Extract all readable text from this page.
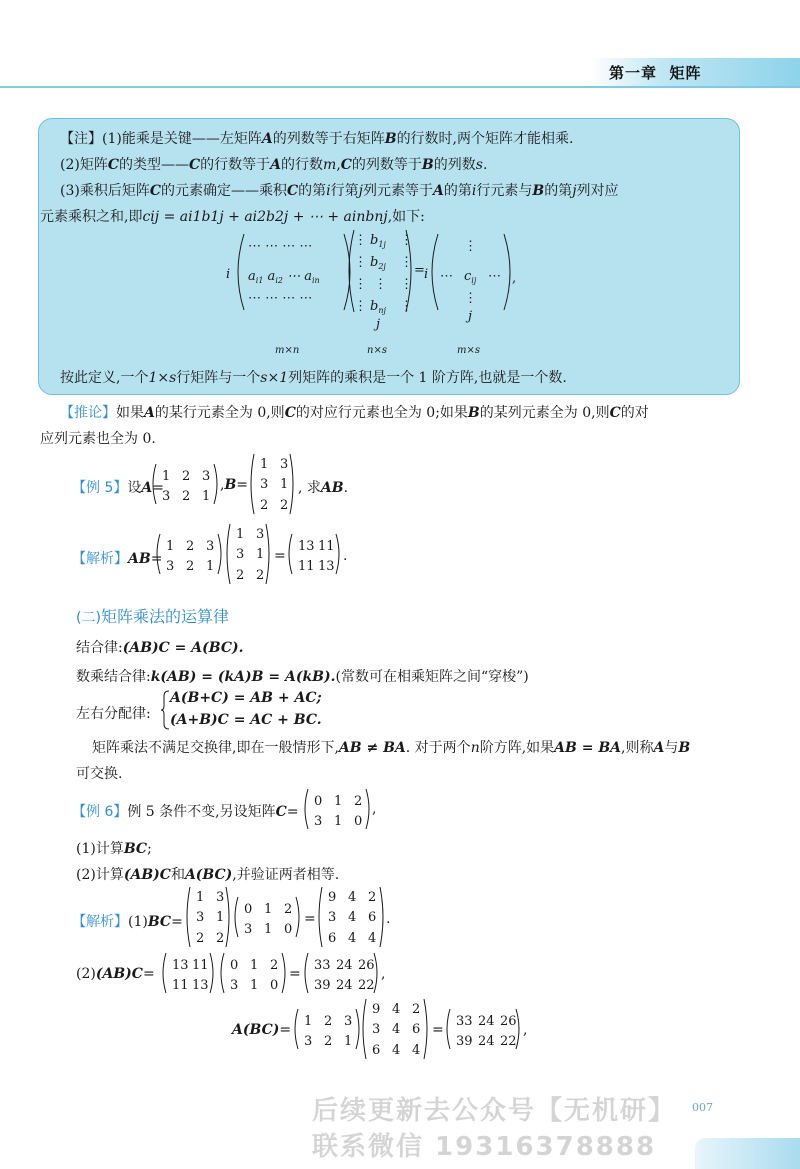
第一章 矩阵
【注】(1)能乘是关键——左矩阵A的列数等于右矩阵B的行数时,两个矩阵才能相乘.
(2)矩阵C的类型——C的行数等于A的行数m,C的列数等于B的列数s.
(3)乘积后矩阵C的元素确定——乘积C的第i行第j列元素等于A的第i行元素与B的第j列对应
元素乘积之和,即cij = ai1b1j + ai2b2j + ⋯ + ainbnj,如下:
i
⋯ ⋯ ⋯ ⋯
$a_{i1}$ $a_{i2}$ ⋯ $a_{in}$
⋯ ⋯ ⋯ ⋯
⋮
⋮
⋮
⋮
$b_{1j}$
$b_{2j}$
⋮
$b_{nj}$
⋮
⋮
⋮
⋮
j
= i
⋮
⋯ $c_{ij}$ ⋯
⋮
,
j
m×n	n×s	m×s
按此定义,一个1×s行矩阵与一个s×1列矩阵的乘积是一个 1 阶方阵,也就是一个数.
【推论】如果A的某行元素全为 0,则C的对应行元素也全为 0;如果B的某列元素全为 0,则C的对
应列元素也全为 0.
【例 5】设A=
1 2 3
3 2 1
,B=
1 3
3 1
2 2
, 求AB.
【解析】AB=
1 2 3
3 2 1
1 3
3 1
2 2
=
13 11
11 13
.
(二)矩阵乘法的运算律
结合律:(AB)C = A(BC).
数乘结合律:k(AB) = (kA)B = A(kB).(常数可在相乘矩阵之间“穿梭”)
左右分配律:
A(B+C) = AB + AC;
(A+B)C = AC + BC.
矩阵乘法不满足交换律,即在一般情形下,AB ≠ BA. 对于两个n阶方阵,如果AB = BA,则称A与B
可交换.
【例 6】例 5 条件不变,另设矩阵C=
0 1 2
3 1 0
,
(1)计算BC;
(2)计算(AB)C和A(BC),并验证两者相等.
【解析】(1)BC=
1 3
3 1
2 2
0 1 2
3 1 0
=
9 4 2
3 4 6
6 4 4
.
(2)(AB)C=
13 11
11 13
0 1 2
3 1 0
=
33 24 26
39 24 22
,
A(BC)=
1 2 3
3 2 1
9 4 2
3 4 6
6 4 4
=
33 24 26
39 24 22
,
后续更新去公众号【无机研】 007
联系微信 19316378888
